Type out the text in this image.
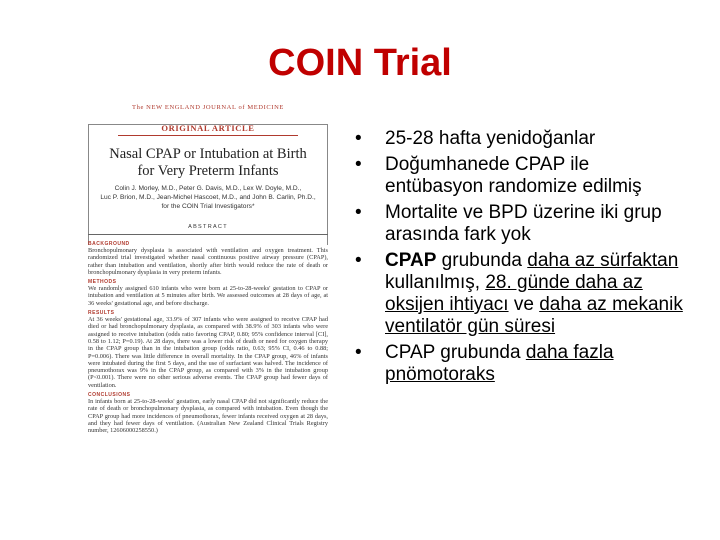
COIN Trial
The NEW ENGLAND JOURNAL of MEDICINE
ORIGINAL ARTICLE
Nasal CPAP or Intubation at Birth
for Very Preterm Infants
Colin J. Morley, M.D., Peter G. Davis, M.D., Lex W. Doyle, M.D.,
Luc P. Brion, M.D., Jean-Michel Hascoet, M.D., and John B. Carlin, Ph.D.,
for the COIN Trial Investigators*
ABSTRACT
BACKGROUND
Bronchopulmonary dysplasia is associated with ventilation and oxygen treatment. This randomized trial investigated whether nasal continuous positive airway pressure (CPAP), rather than intubation and ventilation, shortly after birth would reduce the rate of death or bronchopulmonary dysplasia in very preterm infants.
METHODS
We randomly assigned 610 infants who were born at 25-to-28-weeks' gestation to CPAP or intubation and ventilation at 5 minutes after birth. We assessed outcomes at 28 days of age, at 36 weeks' gestational age, and before discharge.
RESULTS
At 36 weeks' gestational age, 33.9% of 307 infants who were assigned to receive CPAP had died or had bronchopulmonary dysplasia, as compared with 38.9% of 303 infants who were assigned to receive intubation (odds ratio favoring CPAP, 0.80; 95% confidence interval [CI], 0.58 to 1.12; P=0.19). At 28 days, there was a lower risk of death or need for oxygen therapy in the CPAP group than in the intubation group (odds ratio, 0.63; 95% CI, 0.46 to 0.88; P=0.006). There was little difference in overall mortality. In the CPAP group, 46% of infants were intubated during the first 5 days, and the use of surfactant was halved. The incidence of pneumothorax was 9% in the CPAP group, as compared with 3% in the intubation group (P<0.001). There were no other serious adverse events. The CPAP group had fewer days of ventilation.
CONCLUSIONS
In infants born at 25-to-28-weeks' gestation, early nasal CPAP did not significantly reduce the rate of death or bronchopulmonary dysplasia, as compared with intubation. Even though the CPAP group had more incidences of pneumothorax, fewer infants received oxygen at 28 days, and they had fewer days of ventilation. (Australian New Zealand Clinical Trials Registry number, 12606000258550.)
•	25-28 hafta yenidoğanlar
•	Doğumhanede CPAP ile entübasyon randomize edilmiş
•	Mortalite ve BPD üzerine iki grup arasında fark yok
•	CPAP grubunda daha az sürfaktan kullanılmış, 28. günde daha az oksijen ihtiyacı ve daha az mekanik ventilatör gün süresi
•	CPAP grubunda daha fazla pnömotoraks
